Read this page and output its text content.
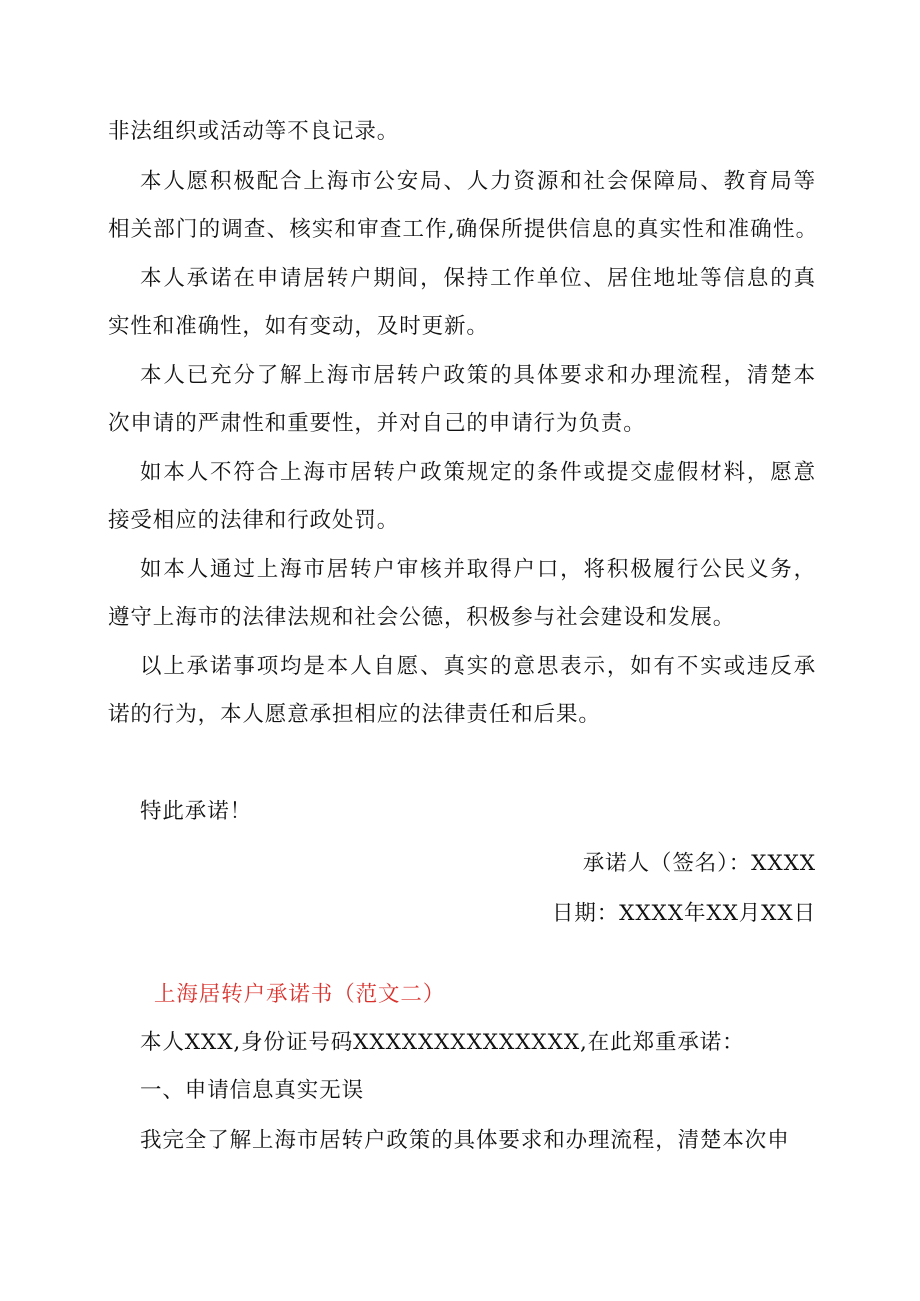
非法组织或活动等不良记录。
本人愿积极配合上海市公安局、人力资源和社会保障局、教育局等
相关部门的调查、核实和审查工作,确保所提供信息的真实性和准确性。
本人承诺在申请居转户期间，保持工作单位、居住地址等信息的真
实性和准确性，如有变动，及时更新。
本人已充分了解上海市居转户政策的具体要求和办理流程，清楚本
次申请的严肃性和重要性，并对自己的申请行为负责。
如本人不符合上海市居转户政策规定的条件或提交虚假材料，愿意
接受相应的法律和行政处罚。
如本人通过上海市居转户审核并取得户口，将积极履行公民义务，
遵守上海市的法律法规和社会公德，积极参与社会建设和发展。
以上承诺事项均是本人自愿、真实的意思表示，如有不实或违反承
诺的行为，本人愿意承担相应的法律责任和后果。
特此承诺！
承诺人（签名）：XXXX
日期：XXXX年XX月XX日
上海居转户承诺书（范文二）
本人XXX,身份证号码XXXXXXXXXXXXXX,在此郑重承诺：
一、申请信息真实无误
我完全了解上海市居转户政策的具体要求和办理流程，清楚本次申
